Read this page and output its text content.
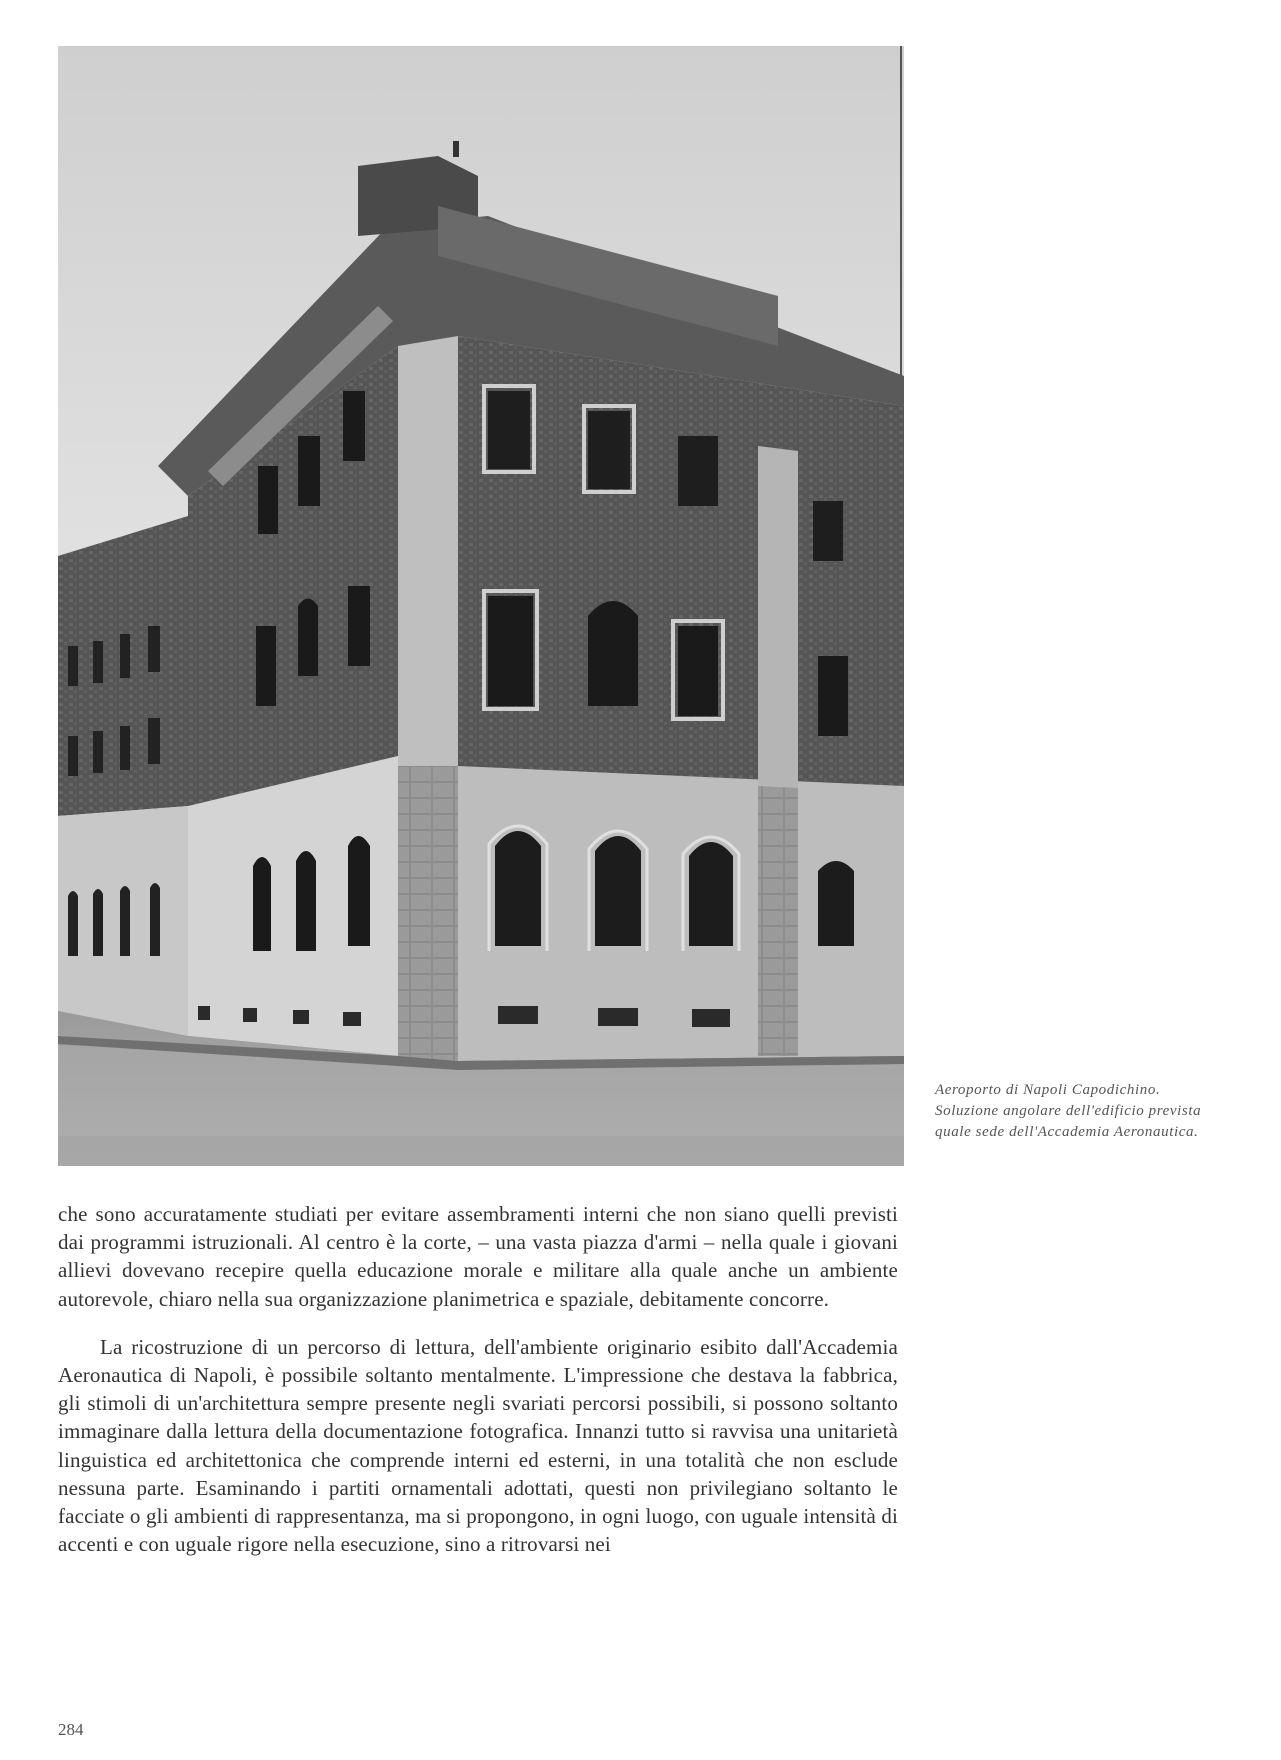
Aeroporto di Napoli Capodichino. Soluzione angolare dell'edificio prevista quale sede dell'Accademia Aeronautica.

che sono accuratamente studiati per evitare assembramenti interni che non siano quelli previsti dai programmi istruzionali. Al centro è la corte, – una vasta piazza d'armi – nella quale i giovani allievi dovevano recepire quella educazione morale e militare alla quale anche un ambiente autorevole, chiaro nella sua organizzazione planimetrica e spaziale, debitamente concorre.

La ricostruzione di un percorso di lettura, dell'ambiente originario esibito dall'Accademia Aeronautica di Napoli, è possibile soltanto mentalmente. L'impressione che destava la fabbrica, gli stimoli di un'architettura sempre presente negli svariati percorsi possibili, si possono soltanto immaginare dalla lettura della documentazione fotografica. Innanzi tutto si ravvisa una unitarietà linguistica ed architettonica che comprende interni ed esterni, in una totalità che non esclude nessuna parte. Esaminando i partiti ornamentali adottati, questi non privilegiano soltanto le facciate o gli ambienti di rappresentanza, ma si propongono, in ogni luogo, con uguale intensità di accenti e con uguale rigore nella esecuzione, sino a ritrovarsi nei

284
